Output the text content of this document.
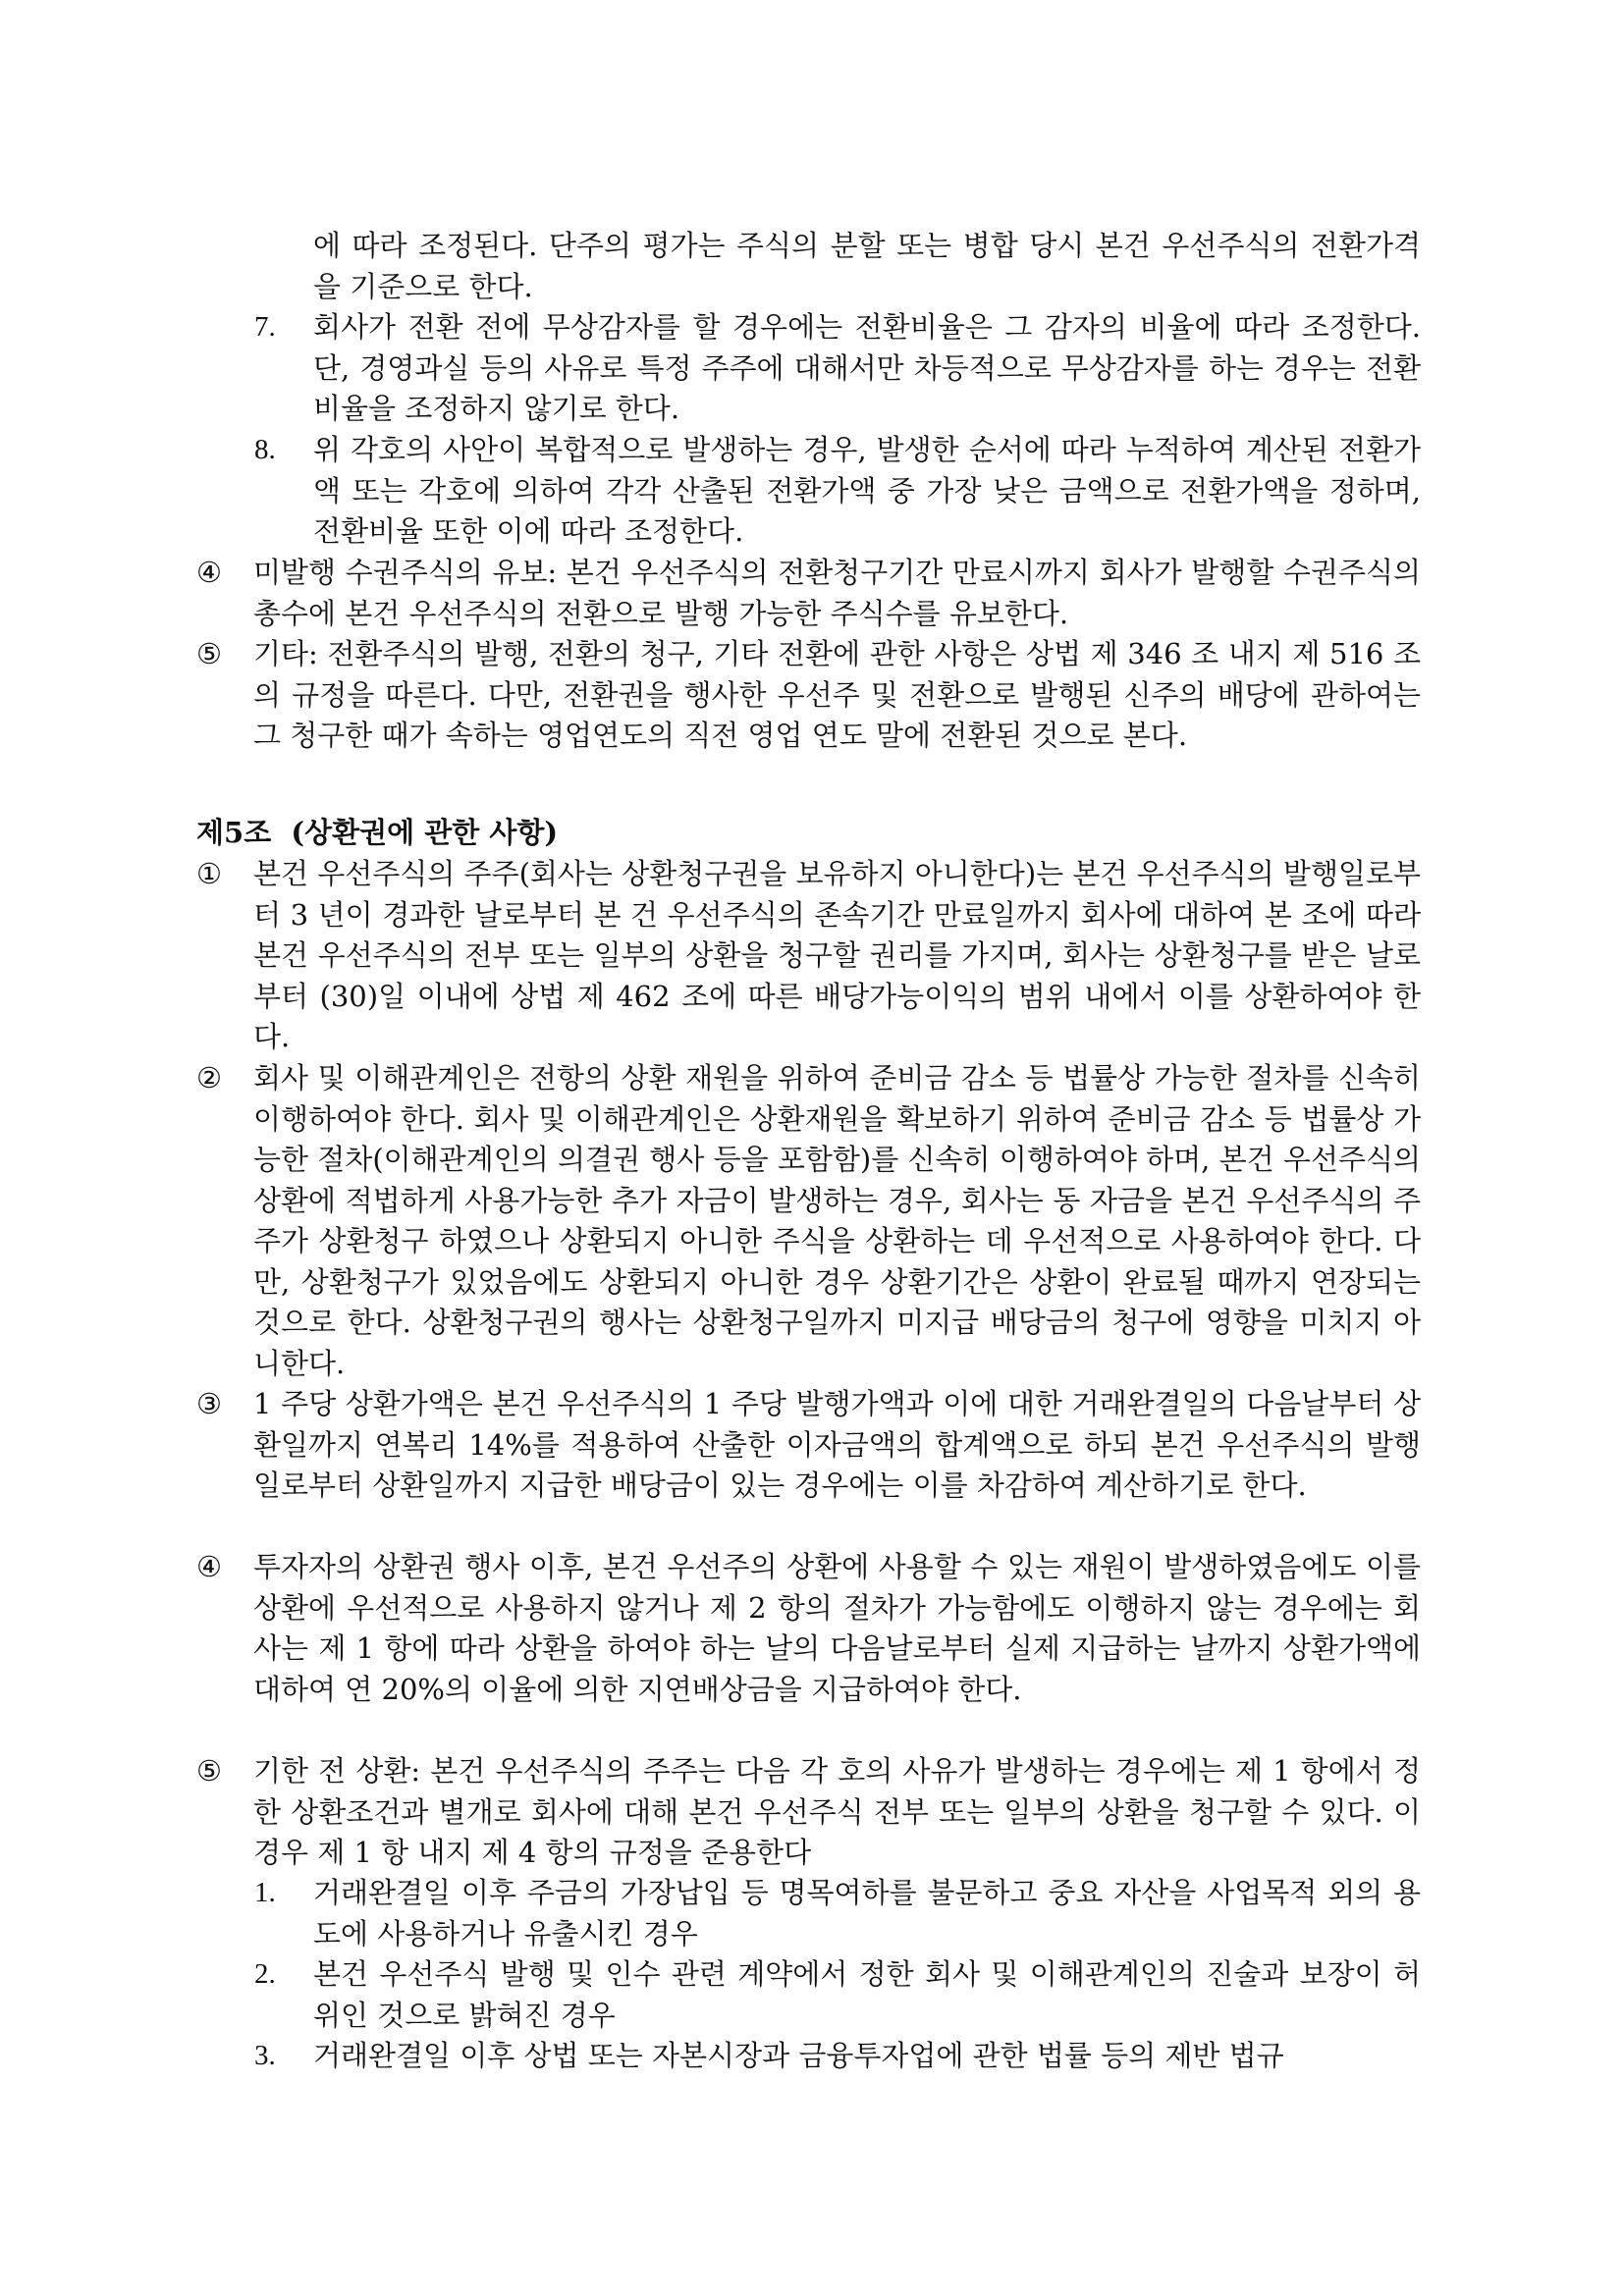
에 따라 조정된다. 단주의 평가는 주식의 분할 또는 병합 당시 본건 우선주식의 전환가격을 기준으로 한다.
7.	회사가 전환 전에 무상감자를 할 경우에는 전환비율은 그 감자의 비율에 따라 조정한다. 단, 경영과실 등의 사유로 특정 주주에 대해서만 차등적으로 무상감자를 하는 경우는 전환비율을 조정하지 않기로 한다.
8.	위 각호의 사안이 복합적으로 발생하는 경우, 발생한 순서에 따라 누적하여 계산된 전환가액 또는 각호에 의하여 각각 산출된 전환가액 중 가장 낮은 금액으로 전환가액을 정하며, 전환비율 또한 이에 따라 조정한다.
④	미발행 수권주식의 유보: 본건 우선주식의 전환청구기간 만료시까지 회사가 발행할 수권주식의 총수에 본건 우선주식의 전환으로 발행 가능한 주식수를 유보한다.
⑤	기타: 전환주식의 발행, 전환의 청구, 기타 전환에 관한 사항은 상법 제 346 조 내지 제 516 조의 규정을 따른다. 다만, 전환권을 행사한 우선주 및 전환으로 발행된 신주의 배당에 관하여는 그 청구한 때가 속하는 영업연도의 직전 영업 연도 말에 전환된 것으로 본다.
제5조  (상환권에 관한 사항)
①	본건 우선주식의 주주(회사는 상환청구권을 보유하지 아니한다)는 본건 우선주식의 발행일로부터 3 년이 경과한 날로부터 본 건 우선주식의 존속기간 만료일까지 회사에 대하여 본 조에 따라 본건 우선주식의 전부 또는 일부의 상환을 청구할 권리를 가지며, 회사는 상환청구를 받은 날로부터 (30)일 이내에 상법 제 462 조에 따른 배당가능이익의 범위 내에서 이를 상환하여야 한다.
②	회사 및 이해관계인은 전항의 상환 재원을 위하여 준비금 감소 등 법률상 가능한 절차를 신속히 이행하여야 한다. 회사 및 이해관계인은 상환재원을 확보하기 위하여 준비금 감소 등 법률상 가능한 절차(이해관계인의 의결권 행사 등을 포함함)를 신속히 이행하여야 하며, 본건 우선주식의 상환에 적법하게 사용가능한 추가 자금이 발생하는 경우, 회사는 동 자금을 본건 우선주식의 주주가 상환청구 하였으나 상환되지 아니한 주식을 상환하는 데 우선적으로 사용하여야 한다. 다만, 상환청구가 있었음에도 상환되지 아니한 경우 상환기간은 상환이 완료될 때까지 연장되는 것으로 한다. 상환청구권의 행사는 상환청구일까지 미지급 배당금의 청구에 영향을 미치지 아니한다.
③	1 주당 상환가액은 본건 우선주식의 1 주당 발행가액과 이에 대한 거래완결일의 다음날부터 상환일까지 연복리 14%를 적용하여 산출한 이자금액의 합계액으로 하되 본건 우선주식의 발행일로부터 상환일까지 지급한 배당금이 있는 경우에는 이를 차감하여 계산하기로 한다.
④	투자자의 상환권 행사 이후, 본건 우선주의 상환에 사용할 수 있는 재원이 발생하였음에도 이를 상환에 우선적으로 사용하지 않거나 제 2 항의 절차가 가능함에도 이행하지 않는 경우에는 회사는 제 1 항에 따라 상환을 하여야 하는 날의 다음날로부터 실제 지급하는 날까지 상환가액에 대하여 연 20%의 이율에 의한 지연배상금을 지급하여야 한다.
⑤	기한 전 상환: 본건 우선주식의 주주는 다음 각 호의 사유가 발생하는 경우에는 제 1 항에서 정한 상환조건과 별개로 회사에 대해 본건 우선주식 전부 또는 일부의 상환을 청구할 수 있다. 이 경우 제 1 항 내지 제 4 항의 규정을 준용한다
1.	거래완결일 이후 주금의 가장납입 등 명목여하를 불문하고 중요 자산을 사업목적 외의 용도에 사용하거나 유출시킨 경우
2.	본건 우선주식 발행 및 인수 관련 계약에서 정한 회사 및 이해관계인의 진술과 보장이 허위인 것으로 밝혀진 경우
3.	거래완결일 이후 상법 또는 자본시장과 금융투자업에 관한 법률 등의 제반 법규
